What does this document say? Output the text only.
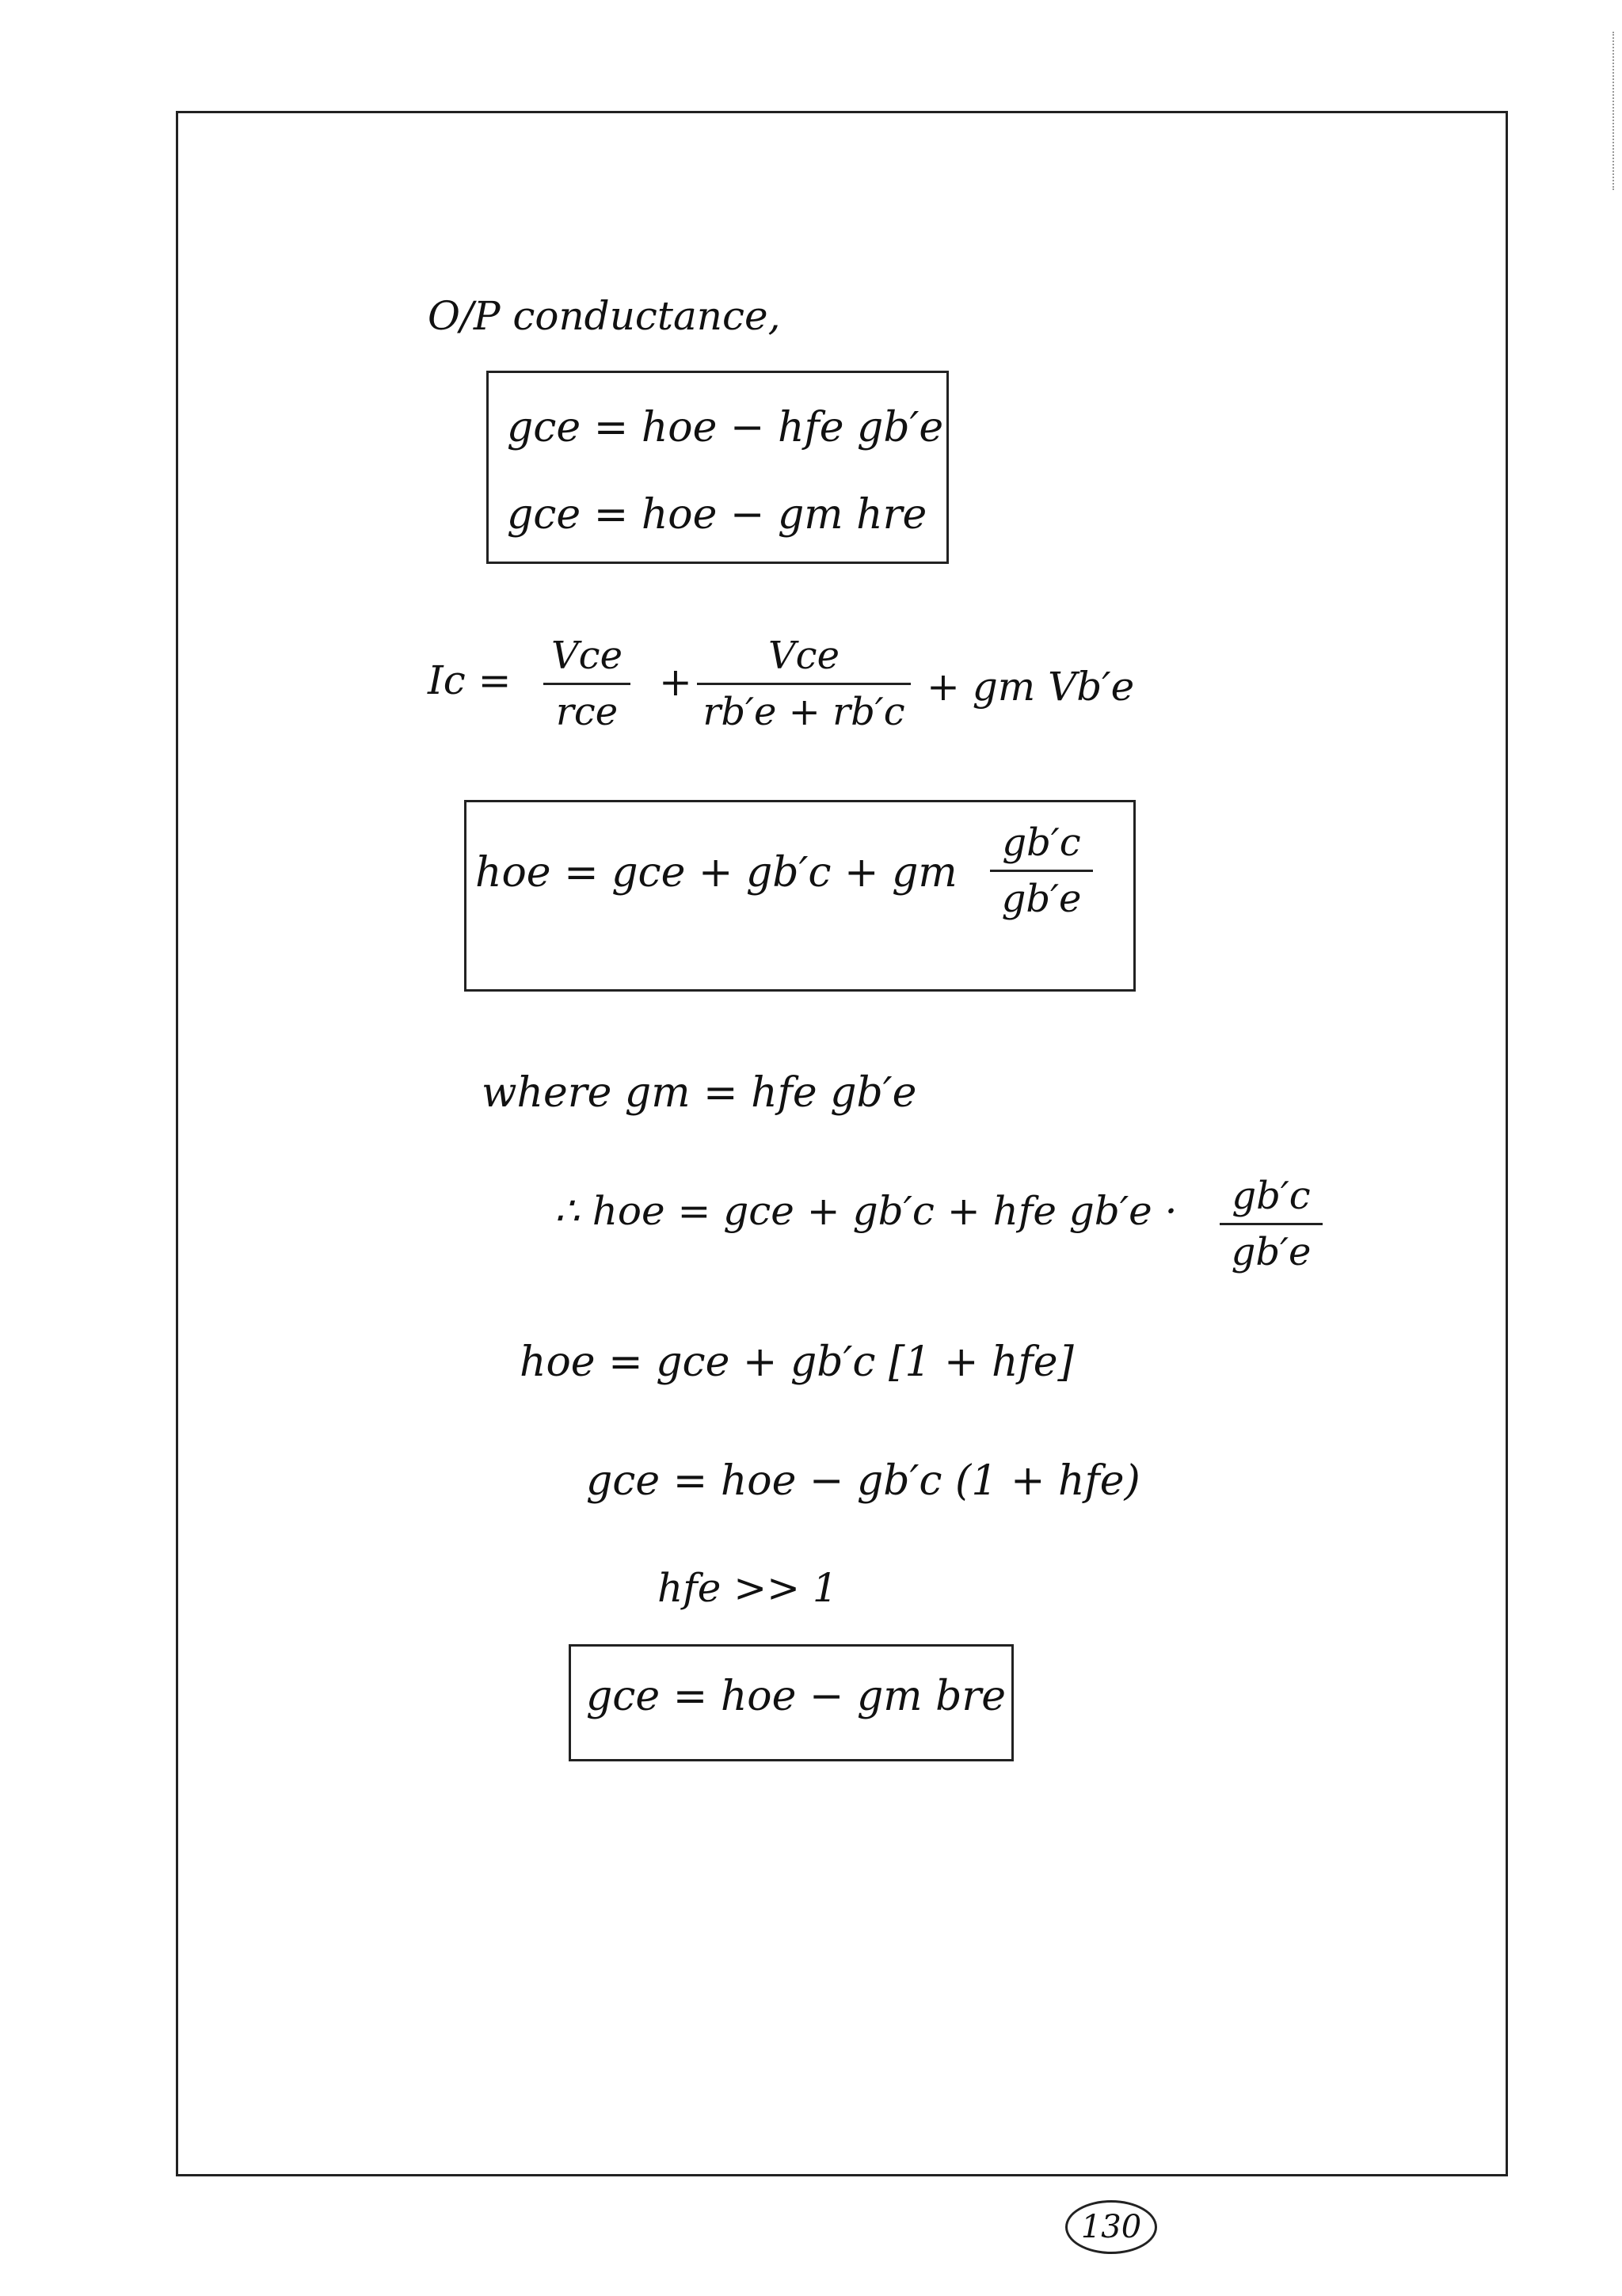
O/P conductance,
gce = hoe − hfe gb′e
gce = hoe − gm hre
Ic =
Vce
rce
+
Vce
rb′e + rb′c
+ gm Vb′e
hoe = gce + gb′c + gm
gb′c
gb′e
where gm = hfe gb′e
∴ hoe = gce + gb′c + hfe gb′e ·	gb′c
gb′e
hoe = gce + gb′c [1 + hfe]
gce = hoe − gb′c (1 + hfe)
hfe >> 1
gce = hoe − gm bre
130
